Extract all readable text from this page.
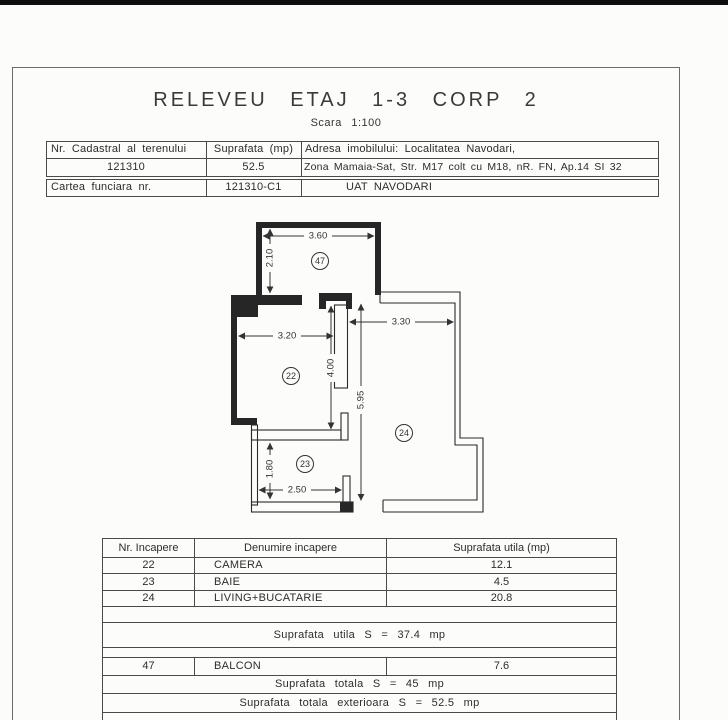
RELEVEU ETAJ 1-3 CORP 2
Scara 1:100
Nr. Cadastral al terenului	Suprafata (mp)	Adresa imobilului: Localitatea Navodari,
121310	52.5	Zona Mamaia-Sat, Str. M17 colt cu M18, nR. FN, Ap.14 SI 32
Cartea funciara nr.	121310-C1	UAT NAVODARI
3.60
2.10
3.20
3.30
4.00
5.95
1.80
2.50
47
22
23
24
Nr. Incapere	Denumire incapere	Suprafata utila (mp)
22	CAMERA	12.1
23	BAIE	4.5
24	LIVING+BUCATARIE	20.8
Suprafata utila S = 37.4 mp
47	BALCON	7.6
Suprafata totala S = 45 mp
Suprafata totala exterioara S = 52.5 mp
